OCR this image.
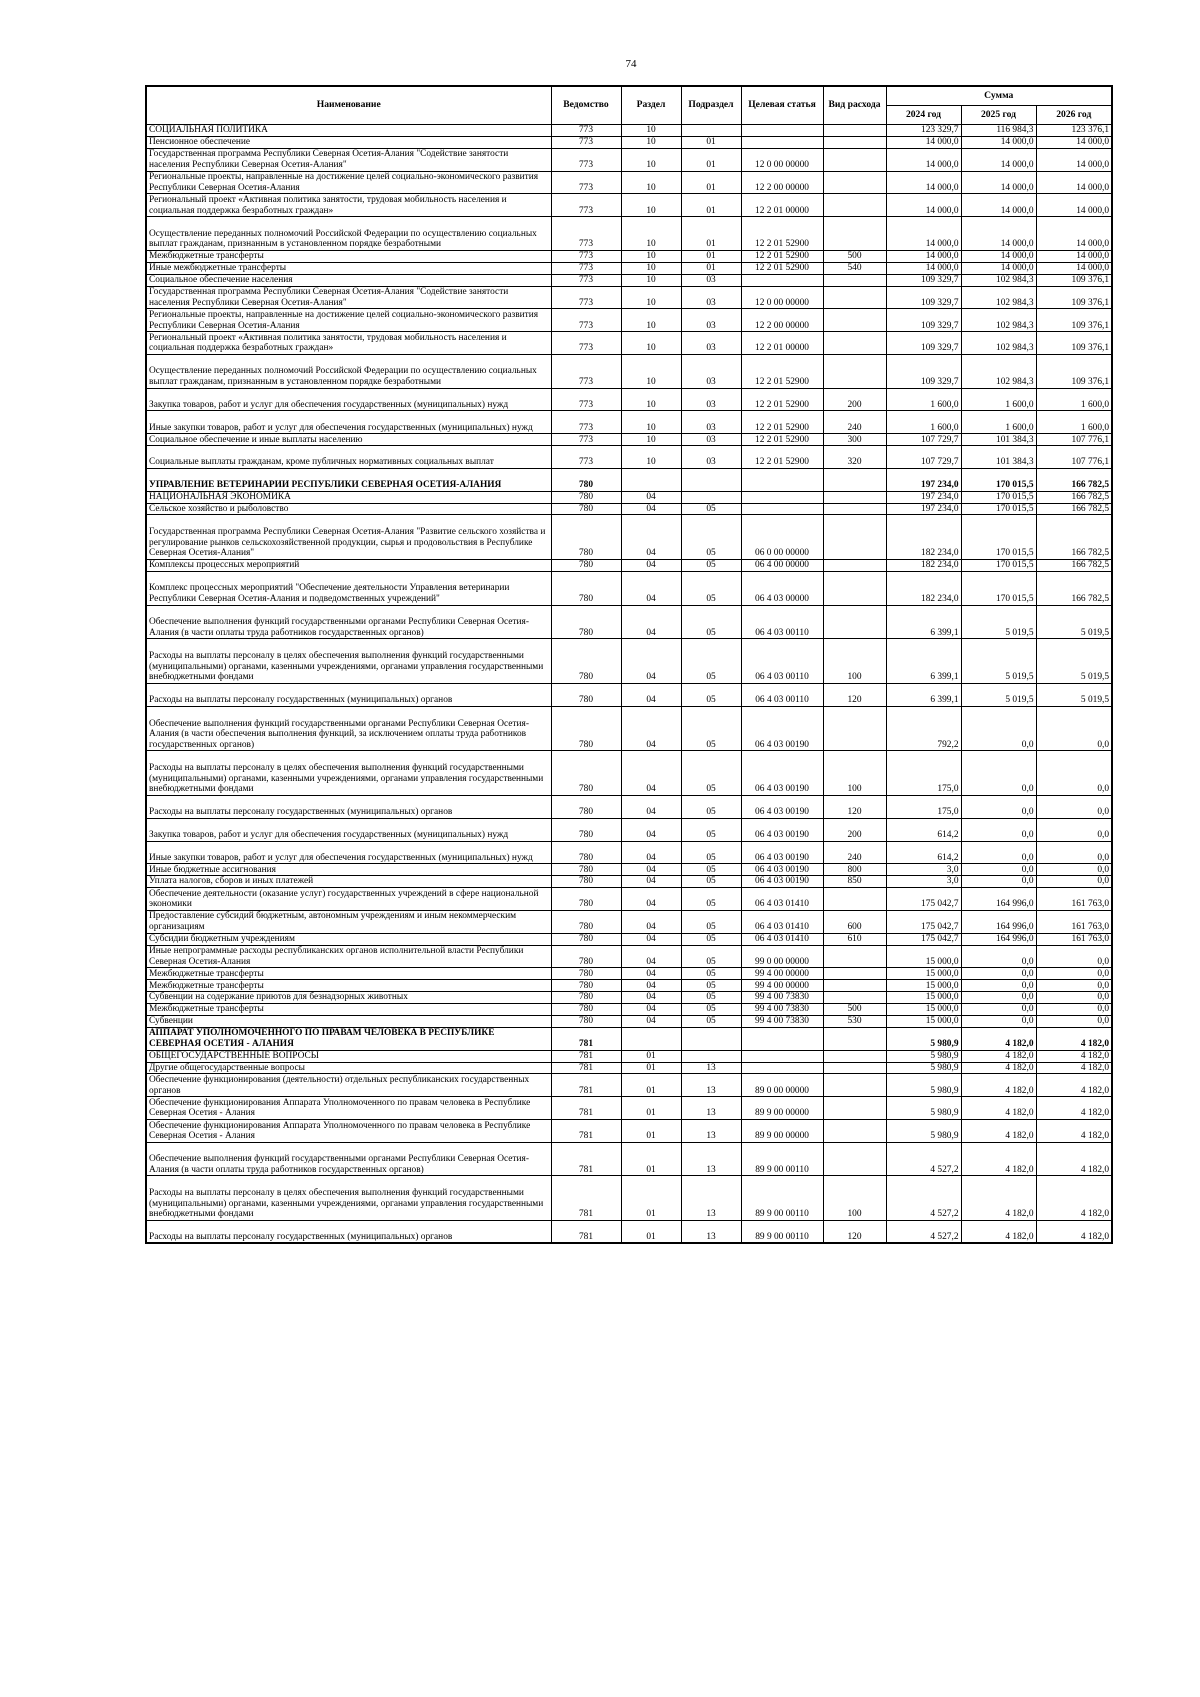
74
Наименование	Ведомство	Раздел	Подраздел	Целевая статья	Вид расхода	Сумма		
						2024 год	2025 год	2026 год
СОЦИАЛЬНАЯ ПОЛИТИКА	773	10				123 329,7	116 984,3	123 376,1
Пенсионное обеспечение	773	10	01			14 000,0	14 000,0	14 000,0
Государственная программа Республики Северная Осетия-Алания "Содействие занятости населения Республики Северная Осетия-Алания"	773	10	01	12 0 00 00000		14 000,0	14 000,0	14 000,0
Региональные проекты, направленные на достижение целей социально-экономического развития Республики Северная Осетия-Алания	773	10	01	12 2 00 00000		14 000,0	14 000,0	14 000,0
Региональный проект «Активная политика занятости, трудовая мобильность населения и социальная поддержка безработных граждан»	773	10	01	12 2 01 00000		14 000,0	14 000,0	14 000,0
Осуществление переданных полномочий Российской Федерации по осуществлению социальных выплат гражданам, признанным в установленном порядке безработными	773	10	01	12 2 01 52900		14 000,0	14 000,0	14 000,0
Межбюджетные трансферты	773	10	01	12 2 01 52900	500	14 000,0	14 000,0	14 000,0
Иные межбюджетные трансферты	773	10	01	12 2 01 52900	540	14 000,0	14 000,0	14 000,0
Социальное обеспечение населения	773	10	03			109 329,7	102 984,3	109 376,1
Государственная программа Республики Северная Осетия-Алания "Содействие занятости населения Республики Северная Осетия-Алания"	773	10	03	12 0 00 00000		109 329,7	102 984,3	109 376,1
Региональные проекты, направленные на достижение целей социально-экономического развития Республики Северная Осетия-Алания	773	10	03	12 2 00 00000		109 329,7	102 984,3	109 376,1
Региональный проект «Активная политика занятости, трудовая мобильность населения и социальная поддержка безработных граждан»	773	10	03	12 2 01 00000		109 329,7	102 984,3	109 376,1
Осуществление переданных полномочий Российской Федерации по осуществлению социальных выплат гражданам, признанным в установленном порядке безработными	773	10	03	12 2 01 52900		109 329,7	102 984,3	109 376,1
Закупка товаров, работ и услуг для обеспечения государственных (муниципальных) нужд	773	10	03	12 2 01 52900	200	1 600,0	1 600,0	1 600,0
Иные закупки товаров, работ и услуг для обеспечения государственных (муниципальных) нужд	773	10	03	12 2 01 52900	240	1 600,0	1 600,0	1 600,0
Социальное обеспечение и иные выплаты населению	773	10	03	12 2 01 52900	300	107 729,7	101 384,3	107 776,1
Социальные выплаты гражданам, кроме публичных нормативных социальных выплат	773	10	03	12 2 01 52900	320	107 729,7	101 384,3	107 776,1
УПРАВЛЕНИЕ ВЕТЕРИНАРИИ РЕСПУБЛИКИ СЕВЕРНАЯ ОСЕТИЯ-АЛАНИЯ	780					197 234,0	170 015,5	166 782,5
НАЦИОНАЛЬНАЯ ЭКОНОМИКА	780	04				197 234,0	170 015,5	166 782,5
Сельское хозяйство и рыболовство	780	04	05			197 234,0	170 015,5	166 782,5
Государственная программа Республики Северная Осетия-Алания "Развитие сельского хозяйства и регулирование рынков сельскохозяйственной продукции, сырья и продовольствия в Республике Северная Осетия-Алания"	780	04	05	06 0 00 00000		182 234,0	170 015,5	166 782,5
Комплексы процессных мероприятий	780	04	05	06 4 00 00000		182 234,0	170 015,5	166 782,5
Комплекс процессных мероприятий "Обеспечение деятельности Управления ветеринарии Республики Северная Осетия-Алания и подведомственных учреждений"	780	04	05	06 4 03 00000		182 234,0	170 015,5	166 782,5
Обеспечение выполнения функций государственными органами Республики Северная Осетия-Алания (в части оплаты труда работников государственных органов)	780	04	05	06 4 03 00110		6 399,1	5 019,5	5 019,5
Расходы на выплаты персоналу в целях обеспечения выполнения функций государственными (муниципальными) органами, казенными учреждениями, органами управления государственными внебюджетными фондами	780	04	05	06 4 03 00110	100	6 399,1	5 019,5	5 019,5
Расходы на выплаты персоналу государственных (муниципальных) органов	780	04	05	06 4 03 00110	120	6 399,1	5 019,5	5 019,5
Обеспечение выполнения функций государственными органами Республики Северная Осетия-Алания (в части обеспечения выполнения функций, за исключением оплаты труда работников государственных органов)	780	04	05	06 4 03 00190		792,2	0,0	0,0
Расходы на выплаты персоналу в целях обеспечения выполнения функций государственными (муниципальными) органами, казенными учреждениями, органами управления государственными внебюджетными фондами	780	04	05	06 4 03 00190	100	175,0	0,0	0,0
Расходы на выплаты персоналу государственных (муниципальных) органов	780	04	05	06 4 03 00190	120	175,0	0,0	0,0
Закупка товаров, работ и услуг для обеспечения государственных (муниципальных) нужд	780	04	05	06 4 03 00190	200	614,2	0,0	0,0
Иные закупки товаров, работ и услуг для обеспечения государственных (муниципальных) нужд	780	04	05	06 4 03 00190	240	614,2	0,0	0,0
Иные бюджетные ассигнования	780	04	05	06 4 03 00190	800	3,0	0,0	0,0
Уплата налогов, сборов и иных платежей	780	04	05	06 4 03 00190	850	3,0	0,0	0,0
Обеспечение деятельности (оказание услуг) государственных учреждений в сфере национальной экономики	780	04	05	06 4 03 01410		175 042,7	164 996,0	161 763,0
Предоставление субсидий бюджетным, автономным учреждениям и иным некоммерческим организациям	780	04	05	06 4 03 01410	600	175 042,7	164 996,0	161 763,0
Субсидии бюджетным учреждениям	780	04	05	06 4 03 01410	610	175 042,7	164 996,0	161 763,0
Иные непрограммные расходы республиканских органов исполнительной власти Республики Северная Осетия-Алания	780	04	05	99 0 00 00000		15 000,0	0,0	0,0
Межбюджетные трансферты	780	04	05	99 4 00 00000		15 000,0	0,0	0,0
Межбюджетные трансферты	780	04	05	99 4 00 00000		15 000,0	0,0	0,0
Субвенции на содержание приютов для безнадзорных животных	780	04	05	99 4 00 73830		15 000,0	0,0	0,0
Межбюджетные трансферты	780	04	05	99 4 00 73830	500	15 000,0	0,0	0,0
Субвенции	780	04	05	99 4 00 73830	530	15 000,0	0,0	0,0
АППАРАТ УПОЛНОМОЧЕННОГО ПО ПРАВАМ ЧЕЛОВЕКА В РЕСПУБЛИКЕ СЕВЕРНАЯ ОСЕТИЯ - АЛАНИЯ	781					5 980,9	4 182,0	4 182,0
ОБЩЕГОСУДАРСТВЕННЫЕ ВОПРОСЫ	781	01				5 980,9	4 182,0	4 182,0
Другие общегосударственные вопросы	781	01	13			5 980,9	4 182,0	4 182,0
Обеспечение функционирования (деятельности) отдельных республиканских государственных органов	781	01	13	89 0 00 00000		5 980,9	4 182,0	4 182,0
Обеспечение функционирования Аппарата Уполномоченного по правам человека в Республике Северная Осетия - Алания	781	01	13	89 9 00 00000		5 980,9	4 182,0	4 182,0
Обеспечение функционирования Аппарата Уполномоченного по правам человека в Республике Северная Осетия - Алания	781	01	13	89 9 00 00000		5 980,9	4 182,0	4 182,0
Обеспечение выполнения функций государственными органами Республики Северная Осетия-Алания (в части оплаты труда работников государственных органов)	781	01	13	89 9 00 00110		4 527,2	4 182,0	4 182,0
Расходы на выплаты персоналу в целях обеспечения выполнения функций государственными (муниципальными) органами, казенными учреждениями, органами управления государственными внебюджетными фондами	781	01	13	89 9 00 00110	100	4 527,2	4 182,0	4 182,0
Расходы на выплаты персоналу государственных (муниципальных) органов	781	01	13	89 9 00 00110	120	4 527,2	4 182,0	4 182,0
